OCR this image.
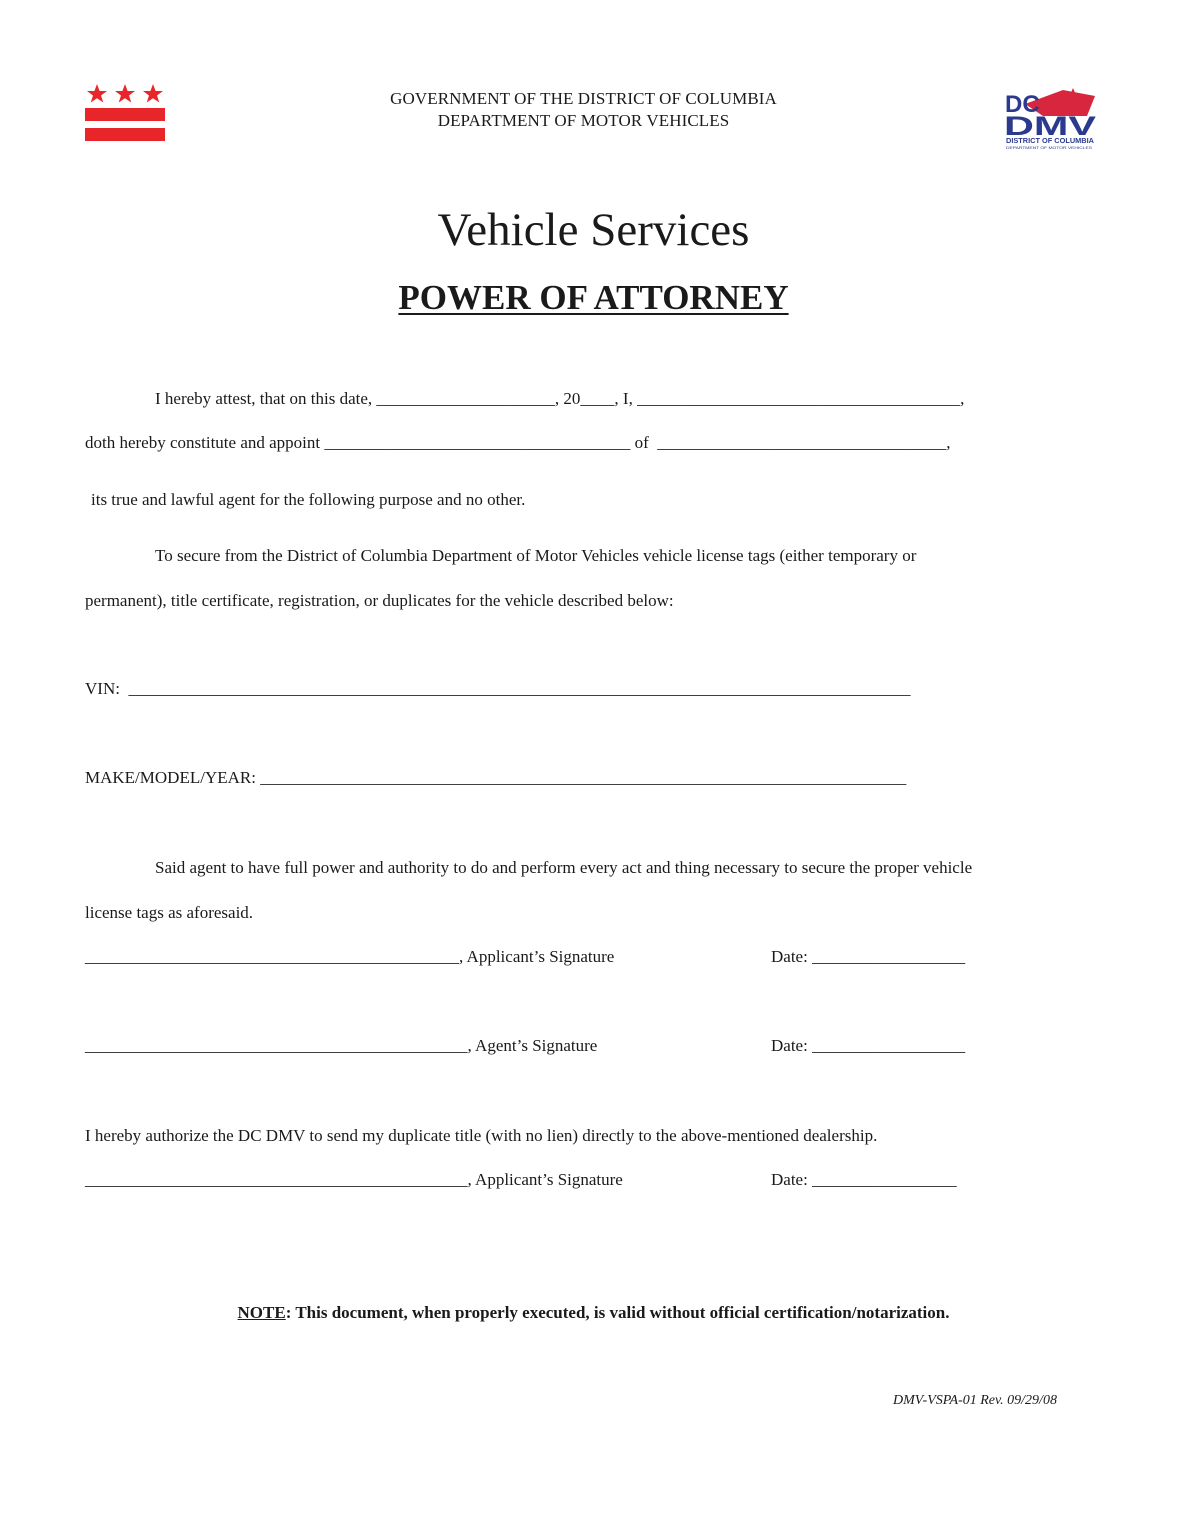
GOVERNMENT OF THE DISTRICT OF COLUMBIA
DEPARTMENT OF MOTOR VEHICLES
DC
DMV
DISTRICT OF COLUMBIA
DEPARTMENT OF MOTOR VEHICLES
Vehicle Services
POWER OF ATTORNEY
I hereby attest, that on this date, _____________________, 20____, I, ______________________________________,
doth hereby constitute and appoint ____________________________________ of  __________________________________,
its true and lawful agent for the following purpose and no other.
To secure from the District of Columbia Department of Motor Vehicles vehicle license tags (either temporary or
permanent), title certificate, registration, or duplicates for the vehicle described below:
VIN:  ____________________________________________________________________________________________
MAKE/MODEL/YEAR: ____________________________________________________________________________
Said agent to have full power and authority to do and perform every act and thing necessary to secure the proper vehicle
license tags as aforesaid.
____________________________________________, Applicant’s Signature	Date: __________________
_____________________________________________, Agent’s Signature	Date: __________________
I hereby authorize the DC DMV to send my duplicate title (with no lien) directly to the above-mentioned dealership.
_____________________________________________, Applicant’s Signature	Date: _________________
NOTE: This document, when properly executed, is valid without official certification/notarization.
DMV-VSPA-01 Rev. 09/29/08
